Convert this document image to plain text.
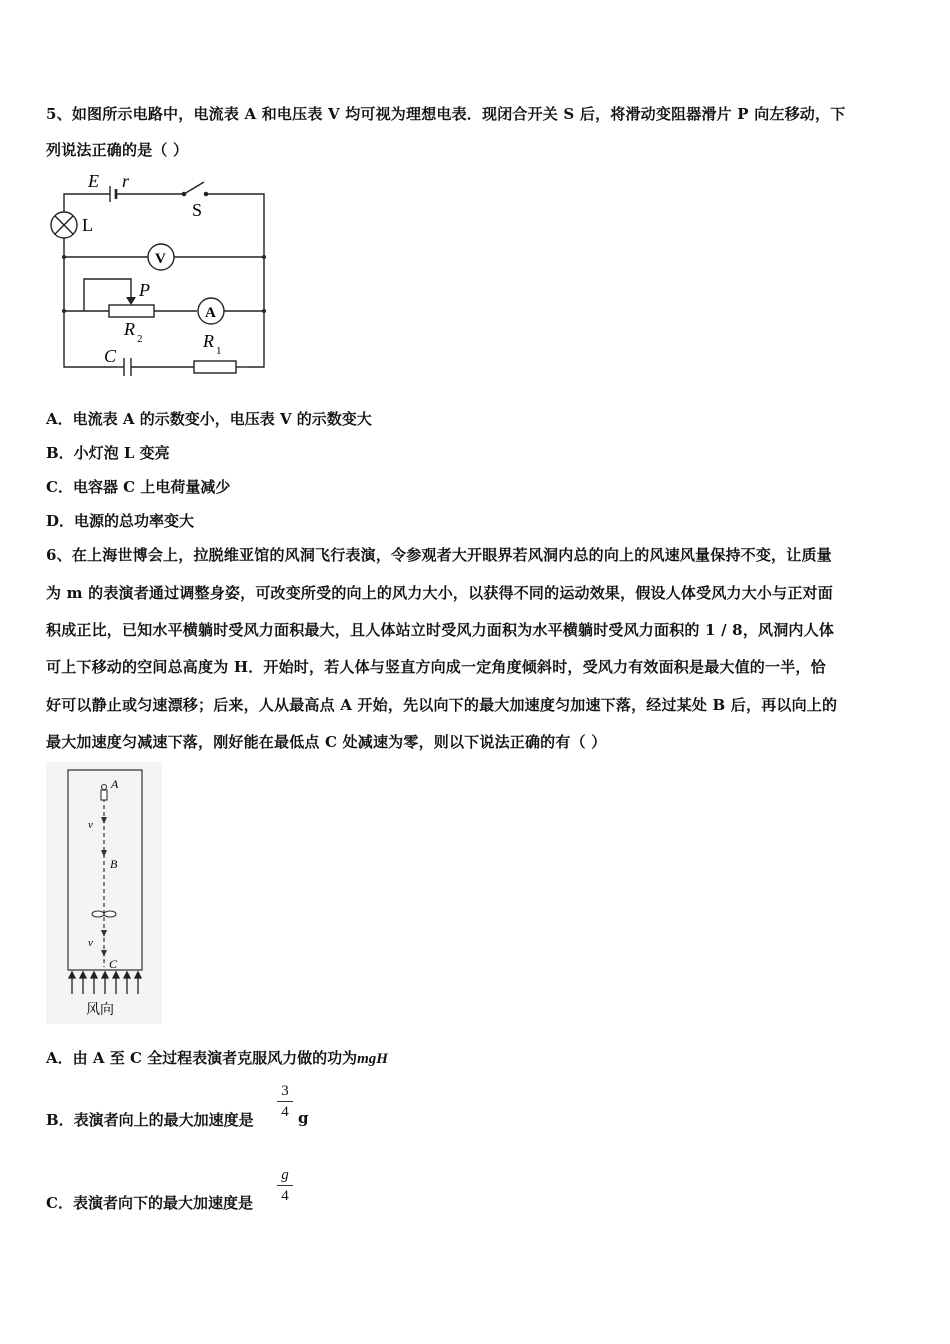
5、如图所示电路中，电流表 A 和电压表 V 均可视为理想电表．现闭合开关 S 后，将滑动变阻器滑片 P 向左移动，下
列说法正确的是（ ）
E r
S
L
V
A
P
R 2
C
R 1
A．电流表 A 的示数变小，电压表 V 的示数变大
B．小灯泡 L 变亮
C．电容器 C 上电荷量减少
D．电源的总功率变大
6、在上海世博会上，拉脱维亚馆的风洞飞行表演，令参观者大开眼界若风洞内总的向上的风速风量保持不变，让质量
为 m 的表演者通过调整身姿，可改变所受的向上的风力大小，以获得不同的运动效果，假设人体受风力大小与正对面
积成正比，已知水平横躺时受风力面积最大，且人体站立时受风力面积为水平横躺时受风力面积的 1 / 8，风洞内人体
可上下移动的空间总高度为 H．开始时，若人体与竖直方向成一定角度倾斜时，受风力有效面积是最大值的一半，恰
好可以静止或匀速漂移；后来，人从最高点 A 开始，先以向下的最大加速度匀加速下落，经过某处 B 后，再以向上的
最大加速度匀减速下落，刚好能在最低点 C 处减速为零，则以下说法正确的有（ ）
A
v
B
v
C
风向
A．由 A 至 C 全过程表演者克服风力做的功为mgH
B．表演者向上的最大加速度是
3
4 g
C．表演者向下的最大加速度是
g
4
